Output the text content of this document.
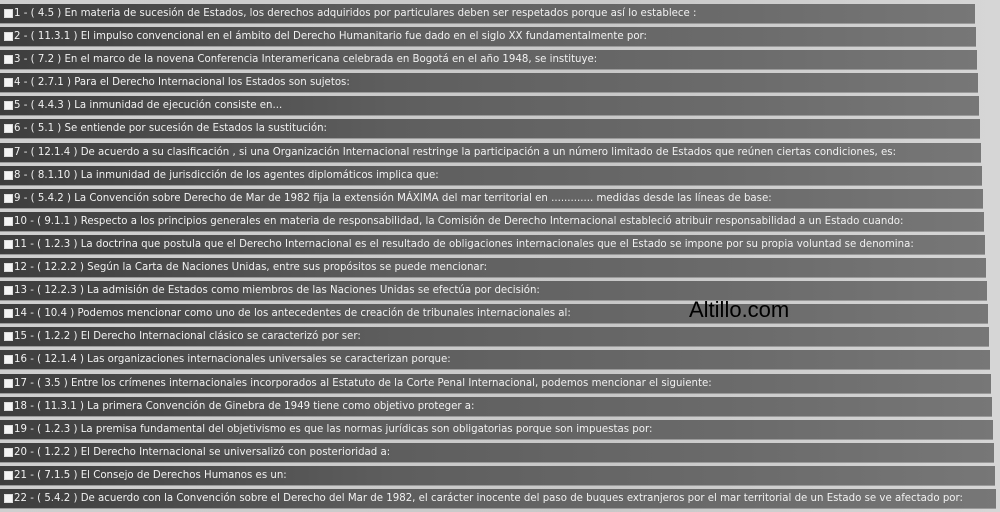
1 - ( 4.5 ) En materia de sucesión de Estados, los derechos adquiridos por particulares deben ser respetados porque así lo establece :
2 - ( 11.3.1 ) El impulso convencional en el ámbito del Derecho Humanitario fue dado en el siglo XX fundamentalmente por:
3 - ( 7.2 ) En el marco de la novena Conferencia Interamericana celebrada en Bogotá en el año 1948, se instituye:
4 - ( 2.7.1 ) Para el Derecho Internacional los Estados son sujetos:
5 - ( 4.4.3 ) La inmunidad de ejecución consiste en...
6 - ( 5.1 ) Se entiende por sucesión de Estados la sustitución:
7 - ( 12.1.4 ) De acuerdo a su clasificación , si una Organización Internacional restringe la participación a un número limitado de Estados que reúnen ciertas condiciones, es:
8 - ( 8.1.10 ) La inmunidad de jurisdicción de los agentes diplomáticos implica que:
9 - ( 5.4.2 ) La Convención sobre Derecho de Mar de 1982 fija la extensión MÁXIMA del mar territorial en ............. medidas desde las líneas de base:
10 - ( 9.1.1 ) Respecto a los principios generales en materia de responsabilidad, la Comisión de Derecho Internacional estableció atribuir responsabilidad a un Estado cuando:
11 - ( 1.2.3 ) La doctrina que postula que el Derecho Internacional es el resultado de obligaciones internacionales que el Estado se impone por su propia voluntad se denomina:
12 - ( 12.2.2 ) Según la Carta de Naciones Unidas, entre sus propósitos se puede mencionar:
13 - ( 12.2.3 ) La admisión de Estados como miembros de las Naciones Unidas se efectúa por decisión:
14 - ( 10.4 ) Podemos mencionar como uno de los antecedentes de creación de tribunales internacionales al:
15 - ( 1.2.2 ) El Derecho Internacional clásico se caracterizó por ser:
16 - ( 12.1.4 ) Las organizaciones internacionales universales se caracterizan porque:
17 - ( 3.5 ) Entre los crímenes internacionales incorporados al Estatuto de la Corte Penal Internacional, podemos mencionar el siguiente:
18 - ( 11.3.1 ) La primera Convención de Ginebra de 1949 tiene como objetivo proteger a:
19 - ( 1.2.3 ) La premisa fundamental del objetivismo es que las normas jurídicas son obligatorias porque son impuestas por:
20 - ( 1.2.2 ) El Derecho Internacional se universalizó con posterioridad a:
21 - ( 7.1.5 ) El Consejo de Derechos Humanos es un:
22 - ( 5.4.2 ) De acuerdo con la Convención sobre el Derecho del Mar de 1982, el carácter inocente del paso de buques extranjeros por el mar territorial de un Estado se ve afectado por:
Altillo.com
